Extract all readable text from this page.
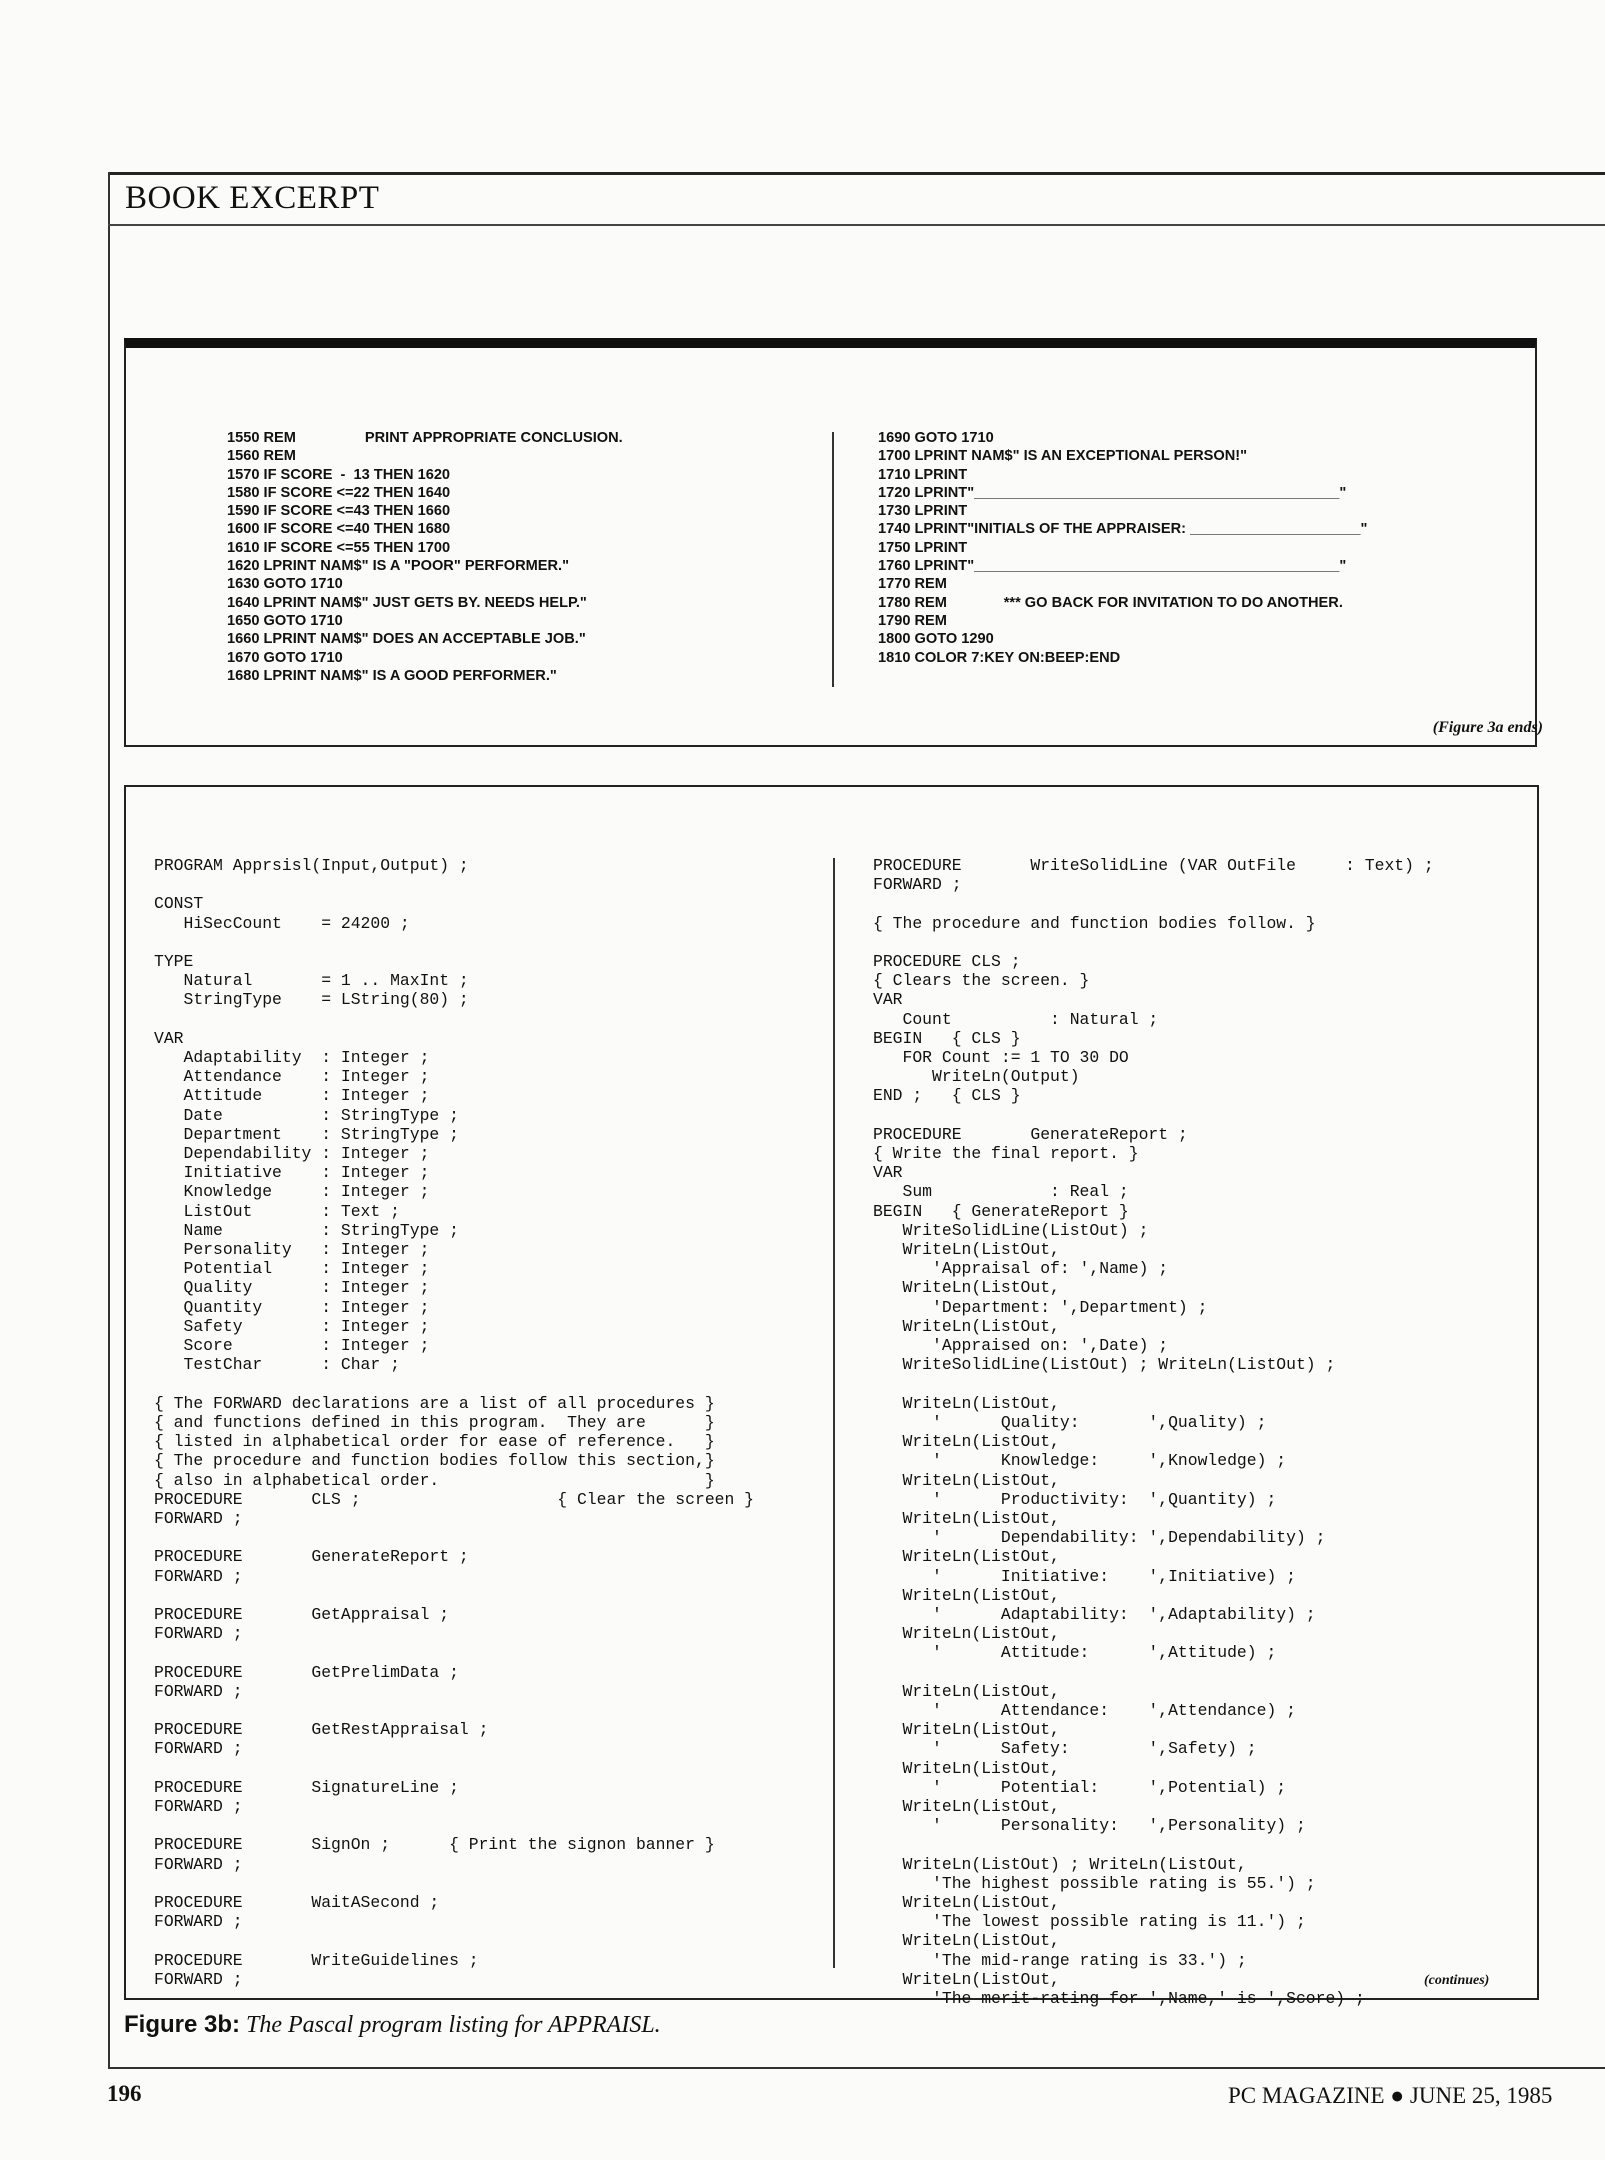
BOOK EXCERPT
1550 REM                 PRINT APPROPRIATE CONCLUSION.
1560 REM
1570 IF SCORE  -  13 THEN 1620
1580 IF SCORE <=22 THEN 1640
1590 IF SCORE <=43 THEN 1660
1600 IF SCORE <=40 THEN 1680
1610 IF SCORE <=55 THEN 1700
1620 LPRINT NAM$" IS A "POOR" PERFORMER."
1630 GOTO 1710
1640 LPRINT NAM$" JUST GETS BY. NEEDS HELP."
1650 GOTO 1710
1660 LPRINT NAM$" DOES AN ACCEPTABLE JOB."
1670 GOTO 1710
1680 LPRINT NAM$" IS A GOOD PERFORMER."
1690 GOTO 1710
1700 LPRINT NAM$" IS AN EXCEPTIONAL PERSON!"
1710 LPRINT
1720 LPRINT"_____________________________________________"
1730 LPRINT
1740 LPRINT"INITIALS OF THE APPRAISER: _____________________"
1750 LPRINT
1760 LPRINT"_____________________________________________"
1770 REM
1780 REM              *** GO BACK FOR INVITATION TO DO ANOTHER.
1790 REM
1800 GOTO 1290
1810 COLOR 7:KEY ON:BEEP:END
(Figure 3a ends)
PROGRAM Apprsisl(Input,Output) ;

CONST
HiSecCount    = 24200 ;

TYPE
Natural       = 1 .. MaxInt ;
StringType    = LString(80) ;

VAR
Adaptability  : Integer ;
Attendance    : Integer ;
Attitude      : Integer ;
Date          : StringType ;
Department    : StringType ;
Dependability : Integer ;
Initiative    : Integer ;
Knowledge     : Integer ;
ListOut       : Text ;
Name          : StringType ;
Personality   : Integer ;
Potential     : Integer ;
Quality       : Integer ;
Quantity      : Integer ;
Safety        : Integer ;
Score         : Integer ;
TestChar      : Char ;

{ The FORWARD declarations are a list of all procedures }
{ and functions defined in this program.  They are      }
{ listed in alphabetical order for ease of reference.   }
{ The procedure and function bodies follow this section,}
{ also in alphabetical order.                           }
PROCEDURE       CLS ;                    { Clear the screen }
FORWARD ;

PROCEDURE       GenerateReport ;
FORWARD ;

PROCEDURE       GetAppraisal ;
FORWARD ;

PROCEDURE       GetPrelimData ;
FORWARD ;

PROCEDURE       GetRestAppraisal ;
FORWARD ;

PROCEDURE       SignatureLine ;
FORWARD ;

PROCEDURE       SignOn ;      { Print the signon banner }
FORWARD ;

PROCEDURE       WaitASecond ;
FORWARD ;

PROCEDURE       WriteGuidelines ;
FORWARD ;
PROCEDURE       WriteSolidLine (VAR OutFile     : Text) ;
FORWARD ;

{ The procedure and function bodies follow. }

PROCEDURE CLS ;
{ Clears the screen. }
VAR
Count          : Natural ;
BEGIN   { CLS }
FOR Count := 1 TO 30 DO
WriteLn(Output)
END ;   { CLS }

PROCEDURE       GenerateReport ;
{ Write the final report. }
VAR
Sum            : Real ;
BEGIN   { GenerateReport }
WriteSolidLine(ListOut) ;
WriteLn(ListOut,
'Appraisal of: ',Name) ;
WriteLn(ListOut,
'Department: ',Department) ;
WriteLn(ListOut,
'Appraised on: ',Date) ;
WriteSolidLine(ListOut) ; WriteLn(ListOut) ;

WriteLn(ListOut,
'      Quality:       ',Quality) ;
WriteLn(ListOut,
'      Knowledge:     ',Knowledge) ;
WriteLn(ListOut,
'      Productivity:  ',Quantity) ;
WriteLn(ListOut,
'      Dependability: ',Dependability) ;
WriteLn(ListOut,
'      Initiative:    ',Initiative) ;
WriteLn(ListOut,
'      Adaptability:  ',Adaptability) ;
WriteLn(ListOut,
'      Attitude:      ',Attitude) ;

WriteLn(ListOut,
'      Attendance:    ',Attendance) ;
WriteLn(ListOut,
'      Safety:        ',Safety) ;
WriteLn(ListOut,
'      Potential:     ',Potential) ;
WriteLn(ListOut,
'      Personality:   ',Personality) ;

WriteLn(ListOut) ; WriteLn(ListOut,
'The highest possible rating is 55.') ;
WriteLn(ListOut,
'The lowest possible rating is 11.') ;
WriteLn(ListOut,
'The mid-range rating is 33.') ;
WriteLn(ListOut,
'The merit-rating for ',Name,' is ',Score) ;
(continues)
Figure 3b: The Pascal program listing for APPRAISL.
196	PC MAGAZINE ● JUNE 25, 1985
